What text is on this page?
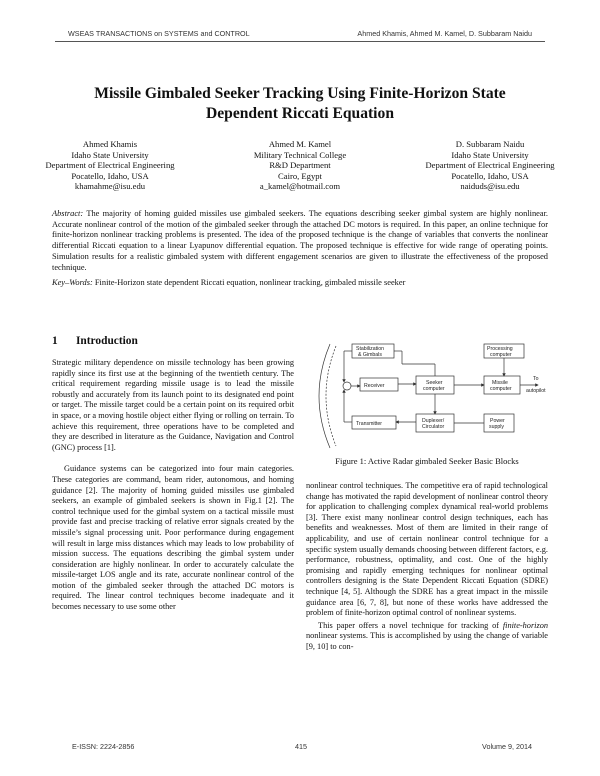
WSEAS TRANSACTIONS on SYSTEMS and CONTROL	Ahmed Khamis, Ahmed M. Kamel, D. Subbaram Naidu
Missile Gimbaled Seeker Tracking Using Finite-Horizon State
Dependent Riccati Equation
Ahmed Khamis
Idaho State University
Department of Electrical Engineering
Pocatello, Idaho, USA
khamahme@isu.edu
Ahmed M. Kamel
Military Technical College
R&D Department
Cairo, Egypt
a_kamel@hotmail.com
D. Subbaram Naidu
Idaho State University
Department of Electrical Engineering
Pocatello, Idaho, USA
naiduds@isu.edu
Abstract: The majority of homing guided missiles use gimbaled seekers. The equations describing seeker gimbal system are highly nonlinear. Accurate nonlinear control of the motion of the gimbaled seeker through the attached DC motors is required. In this paper, an online technique for finite-horizon nonlinear tracking problems is presented. The idea of the proposed technique is the change of variables that converts the nonlinear differential Riccati equation to a linear Lyapunov differential equation. The proposed technique is effective for wide range of operating points. Simulation results for a realistic gimbaled system with different engagement scenarios are given to illustrate the effectiveness of the proposed technique.
Key–Words: Finite-Horizon state dependent Riccati equation, nonlinear tracking, gimbaled missile seeker
1 Introduction

Strategic military dependence on missile technology has been growing rapidly since its first use at the beginning of the twentieth century. The critical requirement regarding missile usage is to lead the missile robustly and accurately from its launch point to its designated end point or target. The missile target could be a certain point on its required orbit in space, or a moving hostile object either flying or rolling on terrain. To achieve this requirement, three operations have to be completed and they are described in literature as the Guidance, Navigation and Control (GNC) process [1].

Guidance systems can be categorized into four main categories. These categories are command, beam rider, autonomous, and homing guidance [2]. The majority of homing guided missiles use gimbaled seekers, an example of gimbaled seekers is shown in Fig.1 [2]. The control technique used for the gimbal system on a tactical missile must provide fast and precise tracking of relative error signals created by the missile’s signal processing unit. Poor performance during engagement will result in large miss distances which may leads to low probability of mission success. The equations describing the gimbal system under consideration are highly nonlinear. In order to accurately calculate the missile-target LOS angle and its rate, accurate nonlinear control of the motion of the gimbaled seeker through the attached DC motors is required. The linear control techniques become inadequate and it becomes necessary to use some other

Stabilization
& Gimbals
Receiver	Seeker
computer
Missile
computer
Processing
computer
Transmitter	Duplexer/
Circulator
Power
supply
To
autopilot
Figure 1: Active Radar gimbaled Seeker Basic Blocks

nonlinear control techniques. The competitive era of rapid technological change has motivated the rapid development of nonlinear control theory for application to challenging complex dynamical real-world problems [3]. There exist many nonlinear control design techniques, each has benefits and weaknesses. Most of them are limited in their range of applicability, and use of certain nonlinear control technique for a specific system usually demands choosing between different factors, e.g. performance, robustness, optimality, and cost. One of the highly promising and rapidly emerging techniques for nonlinear optimal controllers designing is the State Dependent Riccati Equation (SDRE) technique [4, 5]. Although the SDRE has a great impact in the missile guidance area [6, 7, 8], but none of these works have addressed the problem of finite-horizon optimal control of nonlinear systems.

This paper offers a novel technique for tracking of finite-horizon nonlinear systems. This is accomplished by using the change of variable [9, 10] to con-

E-ISSN: 2224-2856	415	Volume 9, 2014
